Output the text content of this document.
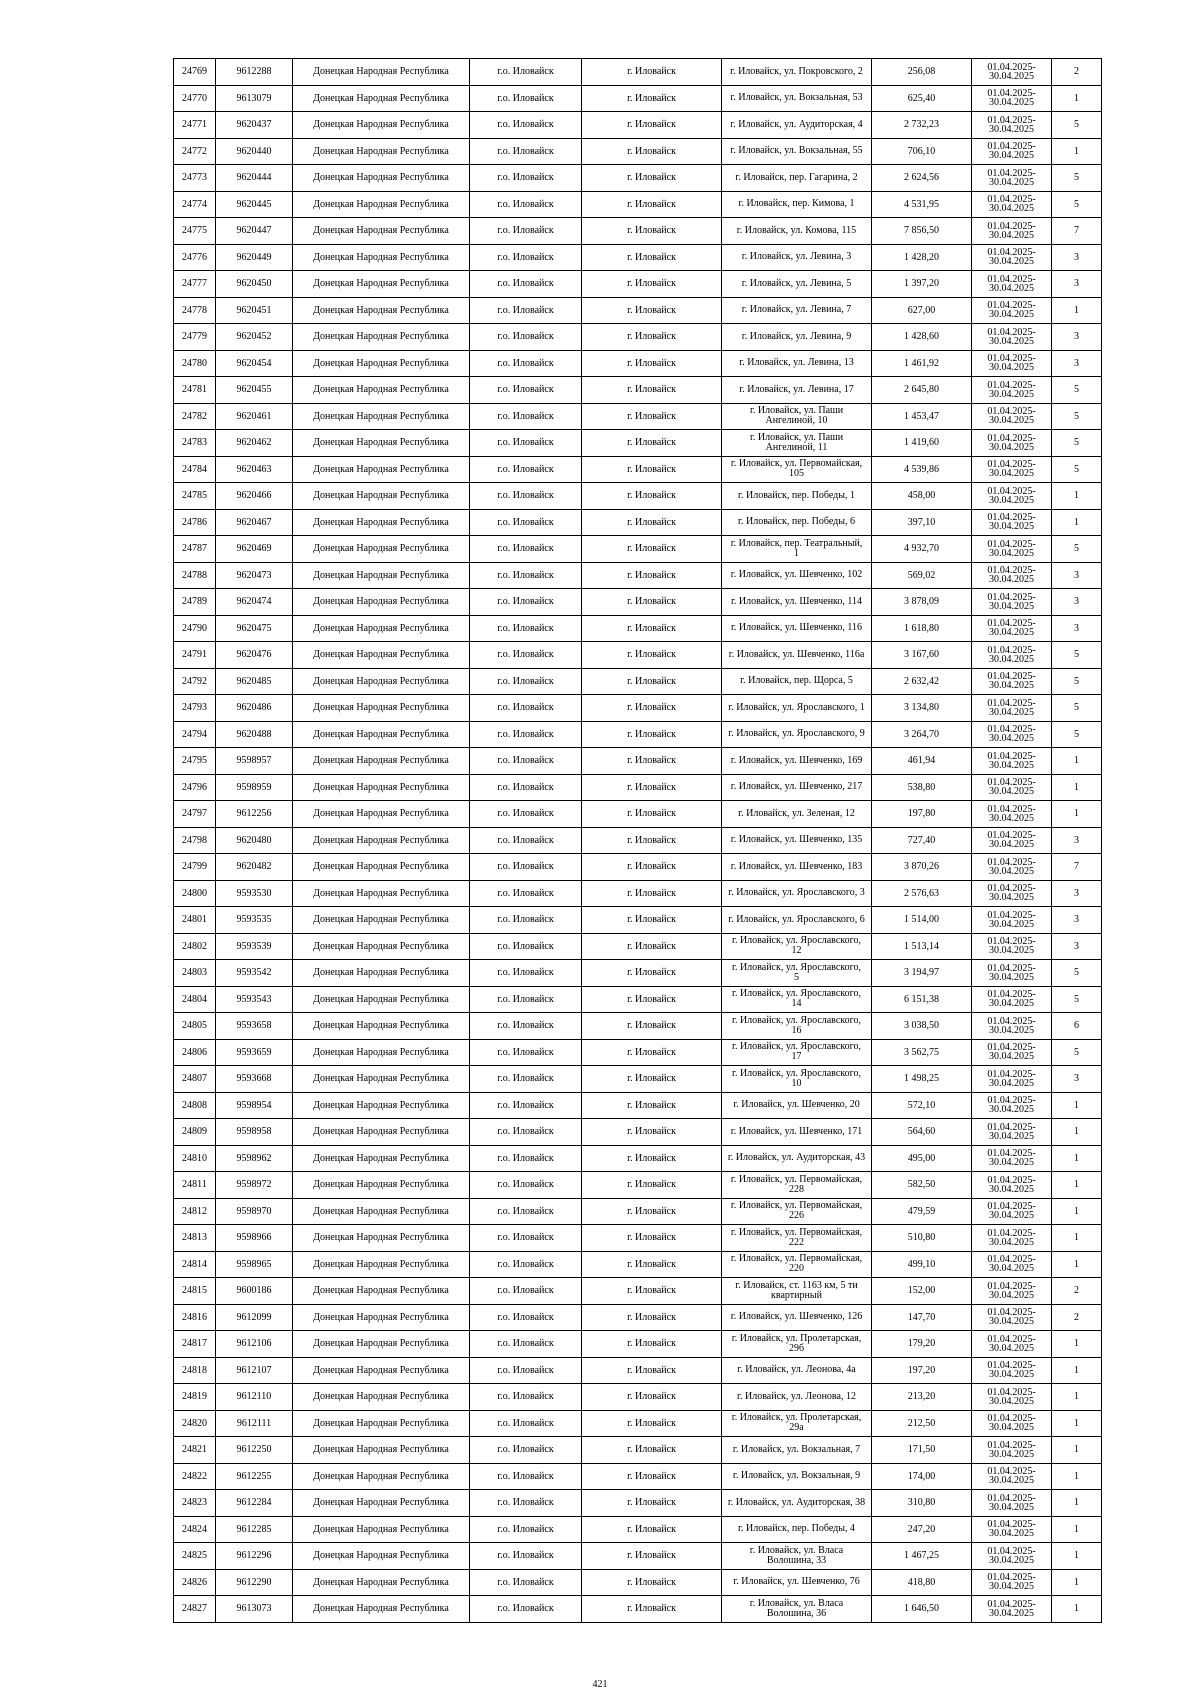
24769	9612288	Донецкая Народная Республика	г.о. Иловайск	г. Иловайск	г. Иловайск, ул. Покровского, 2	256,08	01.04.2025-
30.04.2025	2
24770	9613079	Донецкая Народная Республика	г.о. Иловайск	г. Иловайск	г. Иловайск, ул. Вокзальная, 53	625,40	01.04.2025-
30.04.2025	1
24771	9620437	Донецкая Народная Республика	г.о. Иловайск	г. Иловайск	г. Иловайск, ул. Аудиторская, 4	2 732,23	01.04.2025-
30.04.2025	5
24772	9620440	Донецкая Народная Республика	г.о. Иловайск	г. Иловайск	г. Иловайск, ул. Вокзальная, 55	706,10	01.04.2025-
30.04.2025	1
24773	9620444	Донецкая Народная Республика	г.о. Иловайск	г. Иловайск	г. Иловайск, пер. Гагарина, 2	2 624,56	01.04.2025-
30.04.2025	5
24774	9620445	Донецкая Народная Республика	г.о. Иловайск	г. Иловайск	г. Иловайск, пер. Кимова, 1	4 531,95	01.04.2025-
30.04.2025	5
24775	9620447	Донецкая Народная Республика	г.о. Иловайск	г. Иловайск	г. Иловайск, ул. Комова, 115	7 856,50	01.04.2025-
30.04.2025	7
24776	9620449	Донецкая Народная Республика	г.о. Иловайск	г. Иловайск	г. Иловайск, ул. Левина, 3	1 428,20	01.04.2025-
30.04.2025	3
24777	9620450	Донецкая Народная Республика	г.о. Иловайск	г. Иловайск	г. Иловайск, ул. Левина, 5	1 397,20	01.04.2025-
30.04.2025	3
24778	9620451	Донецкая Народная Республика	г.о. Иловайск	г. Иловайск	г. Иловайск, ул. Левина, 7	627,00	01.04.2025-
30.04.2025	1
24779	9620452	Донецкая Народная Республика	г.о. Иловайск	г. Иловайск	г. Иловайск, ул. Левина, 9	1 428,60	01.04.2025-
30.04.2025	3
24780	9620454	Донецкая Народная Республика	г.о. Иловайск	г. Иловайск	г. Иловайск, ул. Левина, 13	1 461,92	01.04.2025-
30.04.2025	3
24781	9620455	Донецкая Народная Республика	г.о. Иловайск	г. Иловайск	г. Иловайск, ул. Левина, 17	2 645,80	01.04.2025-
30.04.2025	5
24782	9620461	Донецкая Народная Республика	г.о. Иловайск	г. Иловайск	г. Иловайск, ул. Паши
Ангелиной, 10	1 453,47	01.04.2025-
30.04.2025	5
24783	9620462	Донецкая Народная Республика	г.о. Иловайск	г. Иловайск	г. Иловайск, ул. Паши
Ангелиной, 11	1 419,60	01.04.2025-
30.04.2025	5
24784	9620463	Донецкая Народная Республика	г.о. Иловайск	г. Иловайск	г. Иловайск, ул. Первомайская,
105	4 539,86	01.04.2025-
30.04.2025	5
24785	9620466	Донецкая Народная Республика	г.о. Иловайск	г. Иловайск	г. Иловайск, пер. Победы, 1	458,00	01.04.2025-
30.04.2025	1
24786	9620467	Донецкая Народная Республика	г.о. Иловайск	г. Иловайск	г. Иловайск, пер. Победы, 6	397,10	01.04.2025-
30.04.2025	1
24787	9620469	Донецкая Народная Республика	г.о. Иловайск	г. Иловайск	г. Иловайск, пер. Театральный,
1	4 932,70	01.04.2025-
30.04.2025	5
24788	9620473	Донецкая Народная Республика	г.о. Иловайск	г. Иловайск	г. Иловайск, ул. Шевченко, 102	569,02	01.04.2025-
30.04.2025	3
24789	9620474	Донецкая Народная Республика	г.о. Иловайск	г. Иловайск	г. Иловайск, ул. Шевченко, 114	3 878,09	01.04.2025-
30.04.2025	3
24790	9620475	Донецкая Народная Республика	г.о. Иловайск	г. Иловайск	г. Иловайск, ул. Шевченко, 116	1 618,80	01.04.2025-
30.04.2025	3
24791	9620476	Донецкая Народная Республика	г.о. Иловайск	г. Иловайск	г. Иловайск, ул. Шевченко, 116а	3 167,60	01.04.2025-
30.04.2025	5
24792	9620485	Донецкая Народная Республика	г.о. Иловайск	г. Иловайск	г. Иловайск, пер. Щорса, 5	2 632,42	01.04.2025-
30.04.2025	5
24793	9620486	Донецкая Народная Республика	г.о. Иловайск	г. Иловайск	г. Иловайск, ул. Ярославского, 1	3 134,80	01.04.2025-
30.04.2025	5
24794	9620488	Донецкая Народная Республика	г.о. Иловайск	г. Иловайск	г. Иловайск, ул. Ярославского, 9	3 264,70	01.04.2025-
30.04.2025	5
24795	9598957	Донецкая Народная Республика	г.о. Иловайск	г. Иловайск	г. Иловайск, ул. Шевченко, 169	461,94	01.04.2025-
30.04.2025	1
24796	9598959	Донецкая Народная Республика	г.о. Иловайск	г. Иловайск	г. Иловайск, ул. Шевченко, 217	538,80	01.04.2025-
30.04.2025	1
24797	9612256	Донецкая Народная Республика	г.о. Иловайск	г. Иловайск	г. Иловайск, ул. Зеленая, 12	197,80	01.04.2025-
30.04.2025	1
24798	9620480	Донецкая Народная Республика	г.о. Иловайск	г. Иловайск	г. Иловайск, ул. Шевченко, 135	727,40	01.04.2025-
30.04.2025	3
24799	9620482	Донецкая Народная Республика	г.о. Иловайск	г. Иловайск	г. Иловайск, ул. Шевченко, 183	3 870,26	01.04.2025-
30.04.2025	7
24800	9593530	Донецкая Народная Республика	г.о. Иловайск	г. Иловайск	г. Иловайск, ул. Ярославского, 3	2 576,63	01.04.2025-
30.04.2025	3
24801	9593535	Донецкая Народная Республика	г.о. Иловайск	г. Иловайск	г. Иловайск, ул. Ярославского, 6	1 514,00	01.04.2025-
30.04.2025	3
24802	9593539	Донецкая Народная Республика	г.о. Иловайск	г. Иловайск	г. Иловайск, ул. Ярославского,
12	1 513,14	01.04.2025-
30.04.2025	3
24803	9593542	Донецкая Народная Республика	г.о. Иловайск	г. Иловайск	г. Иловайск, ул. Ярославского,
5	3 194,97	01.04.2025-
30.04.2025	5
24804	9593543	Донецкая Народная Республика	г.о. Иловайск	г. Иловайск	г. Иловайск, ул. Ярославского,
14	6 151,38	01.04.2025-
30.04.2025	5
24805	9593658	Донецкая Народная Республика	г.о. Иловайск	г. Иловайск	г. Иловайск, ул. Ярославского,
16	3 038,50	01.04.2025-
30.04.2025	6
24806	9593659	Донецкая Народная Республика	г.о. Иловайск	г. Иловайск	г. Иловайск, ул. Ярославского,
17	3 562,75	01.04.2025-
30.04.2025	5
24807	9593668	Донецкая Народная Республика	г.о. Иловайск	г. Иловайск	г. Иловайск, ул. Ярославского,
10	1 498,25	01.04.2025-
30.04.2025	3
24808	9598954	Донецкая Народная Республика	г.о. Иловайск	г. Иловайск	г. Иловайск, ул. Шевченко, 20	572,10	01.04.2025-
30.04.2025	1
24809	9598958	Донецкая Народная Республика	г.о. Иловайск	г. Иловайск	г. Иловайск, ул. Шевченко, 171	564,60	01.04.2025-
30.04.2025	1
24810	9598962	Донецкая Народная Республика	г.о. Иловайск	г. Иловайск	г. Иловайск, ул. Аудиторская, 43	495,00	01.04.2025-
30.04.2025	1
24811	9598972	Донецкая Народная Республика	г.о. Иловайск	г. Иловайск	г. Иловайск, ул. Первомайская,
228	582,50	01.04.2025-
30.04.2025	1
24812	9598970	Донецкая Народная Республика	г.о. Иловайск	г. Иловайск	г. Иловайск, ул. Первомайская,
226	479,59	01.04.2025-
30.04.2025	1
24813	9598966	Донецкая Народная Республика	г.о. Иловайск	г. Иловайск	г. Иловайск, ул. Первомайская,
222	510,80	01.04.2025-
30.04.2025	1
24814	9598965	Донецкая Народная Республика	г.о. Иловайск	г. Иловайск	г. Иловайск, ул. Первомайская,
220	499,10	01.04.2025-
30.04.2025	1
24815	9600186	Донецкая Народная Республика	г.о. Иловайск	г. Иловайск	г. Иловайск, ст. 1163 км, 5 ти
квартирный	152,00	01.04.2025-
30.04.2025	2
24816	9612099	Донецкая Народная Республика	г.о. Иловайск	г. Иловайск	г. Иловайск, ул. Шевченко, 126	147,70	01.04.2025-
30.04.2025	2
24817	9612106	Донецкая Народная Республика	г.о. Иловайск	г. Иловайск	г. Иловайск, ул. Пролетарская,
29б	179,20	01.04.2025-
30.04.2025	1
24818	9612107	Донецкая Народная Республика	г.о. Иловайск	г. Иловайск	г. Иловайск, ул. Леонова, 4а	197,20	01.04.2025-
30.04.2025	1
24819	9612110	Донецкая Народная Республика	г.о. Иловайск	г. Иловайск	г. Иловайск, ул. Леонова, 12	213,20	01.04.2025-
30.04.2025	1
24820	9612111	Донецкая Народная Республика	г.о. Иловайск	г. Иловайск	г. Иловайск, ул. Пролетарская,
29а	212,50	01.04.2025-
30.04.2025	1
24821	9612250	Донецкая Народная Республика	г.о. Иловайск	г. Иловайск	г. Иловайск, ул. Вокзальная, 7	171,50	01.04.2025-
30.04.2025	1
24822	9612255	Донецкая Народная Республика	г.о. Иловайск	г. Иловайск	г. Иловайск, ул. Вокзальная, 9	174,00	01.04.2025-
30.04.2025	1
24823	9612284	Донецкая Народная Республика	г.о. Иловайск	г. Иловайск	г. Иловайск, ул. Аудиторская, 38	310,80	01.04.2025-
30.04.2025	1
24824	9612285	Донецкая Народная Республика	г.о. Иловайск	г. Иловайск	г. Иловайск, пер. Победы, 4	247,20	01.04.2025-
30.04.2025	1
24825	9612296	Донецкая Народная Республика	г.о. Иловайск	г. Иловайск	г. Иловайск, ул. Власа
Волошина, 33	1 467,25	01.04.2025-
30.04.2025	1
24826	9612290	Донецкая Народная Республика	г.о. Иловайск	г. Иловайск	г. Иловайск, ул. Шевченко, 76	418,80	01.04.2025-
30.04.2025	1
24827	9613073	Донецкая Народная Республика	г.о. Иловайск	г. Иловайск	г. Иловайск, ул. Власа
Волошина, 36	1 646,50	01.04.2025-
30.04.2025	1
421
